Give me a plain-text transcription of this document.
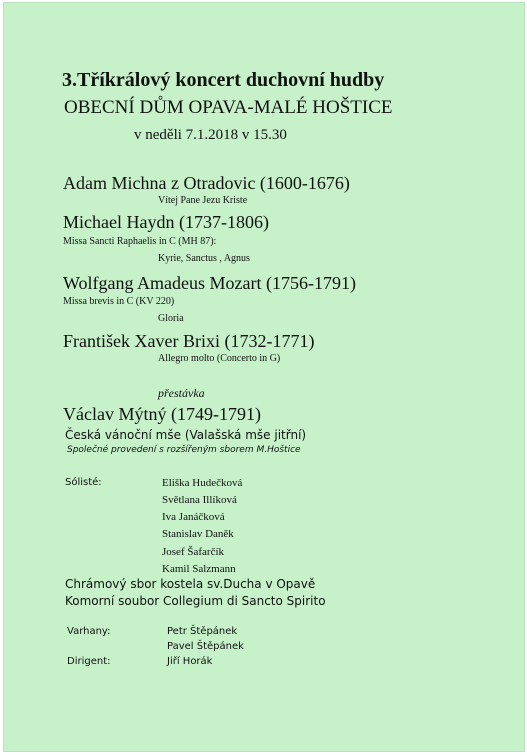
3.Tříkrálový koncert duchovní hudby
OBECNÍ DŮM OPAVA-MALÉ HOŠTICE
v neděli 7.1.2018 v 15.30
Adam Michna z Otradovic (1600-1676)
Vítej Pane Jezu Kriste
Michael Haydn (1737-1806)
Missa Sancti Raphaelis in C (MH 87):
Kyrie, Sanctus , Agnus
Wolfgang Amadeus Mozart (1756-1791)
Missa brevis in C (KV 220)
Gloria
František Xaver Brixi (1732-1771)
Allegro molto (Concerto in G)
přestávka
Václav Mýtný (1749-1791)
Česká vánoční mše (Valašská mše jitřní)
Společné provedení s rozšířeným sborem M.Hoštice
Sólisté:	Eliška Hudečková
Světlana Illíková
Iva Janáčková
Stanislav Daněk
Josef Šafarčík
Kamil Salzmann
Chrámový sbor kostela sv.Ducha v Opavě
Komorní soubor Collegium di Sancto Spirito
Varhany:	Petr Štěpánek
Pavel Štěpánek
Dirigent:	Jiří Horák
